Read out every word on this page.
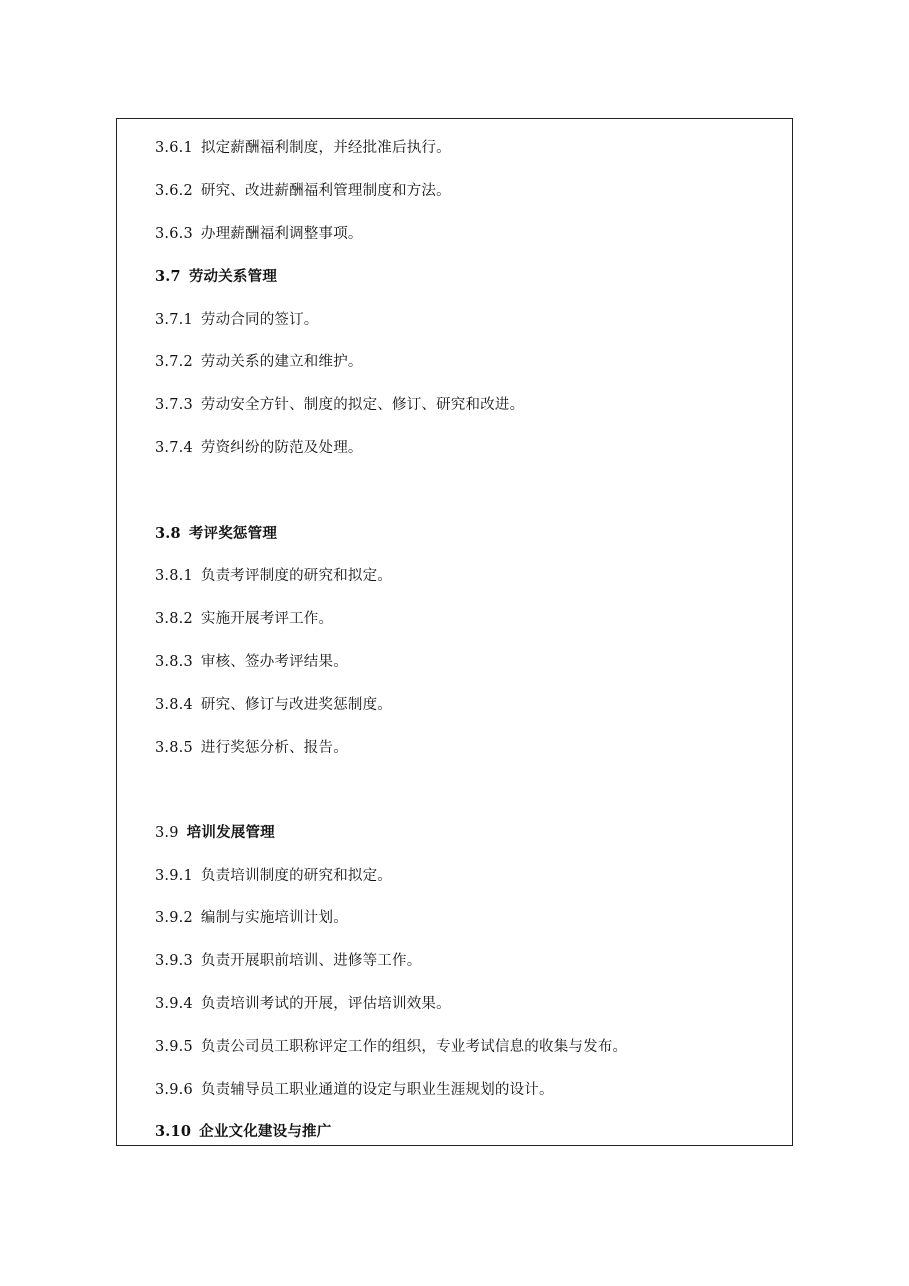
3.6.1 拟定薪酬福利制度，并经批准后执行。
3.6.2 研究、改进薪酬福利管理制度和方法。
3.6.3 办理薪酬福利调整事项。
3.7 劳动关系管理
3.7.1 劳动合同的签订。
3.7.2 劳动关系的建立和维护。
3.7.3 劳动安全方针、制度的拟定、修订、研究和改进。
3.7.4 劳资纠纷的防范及处理。
3.8 考评奖惩管理
3.8.1 负责考评制度的研究和拟定。
3.8.2 实施开展考评工作。
3.8.3 审核、签办考评结果。
3.8.4 研究、修订与改进奖惩制度。
3.8.5 进行奖惩分析、报告。
3.9 培训发展管理
3.9.1 负责培训制度的研究和拟定。
3.9.2 编制与实施培训计划。
3.9.3 负责开展职前培训、进修等工作。
3.9.4 负责培训考试的开展，评估培训效果。
3.9.5 负责公司员工职称评定工作的组织，专业考试信息的收集与发布。
3.9.6 负责辅导员工职业通道的设定与职业生涯规划的设计。
3.10 企业文化建设与推广
